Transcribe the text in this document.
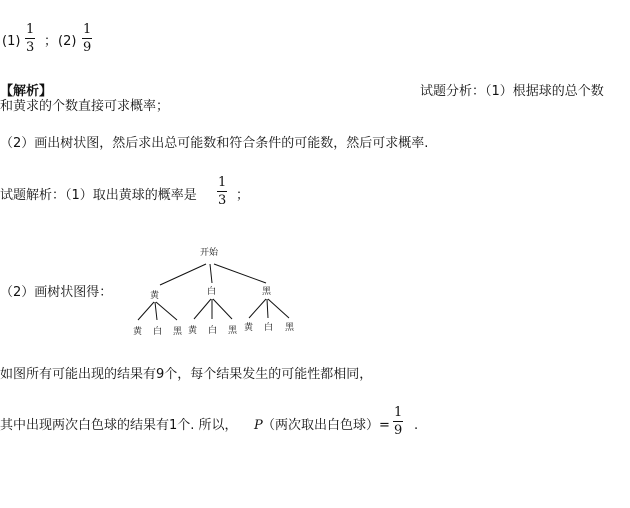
(1)
1
3 ； (2)
1
9
【解析】	试题分析：（1）根据球的总个数
和黄求的个数直接可求概率；
（2）画出树状图，然后求出总可能数和符合条件的可能数，然后可求概率.
试题解析：（1）取出黄球的概率是
1
3 ；
（2）画树状图得：
开始
黄	白	黑
黄 白 黑 黄 白 黑 黄 白 黑
如图所有可能出现的结果有9个，每个结果发生的可能性都相同，
其中出现两次白色球的结果有1个. 所以， P （两次取出白色球）=
1
9 .
